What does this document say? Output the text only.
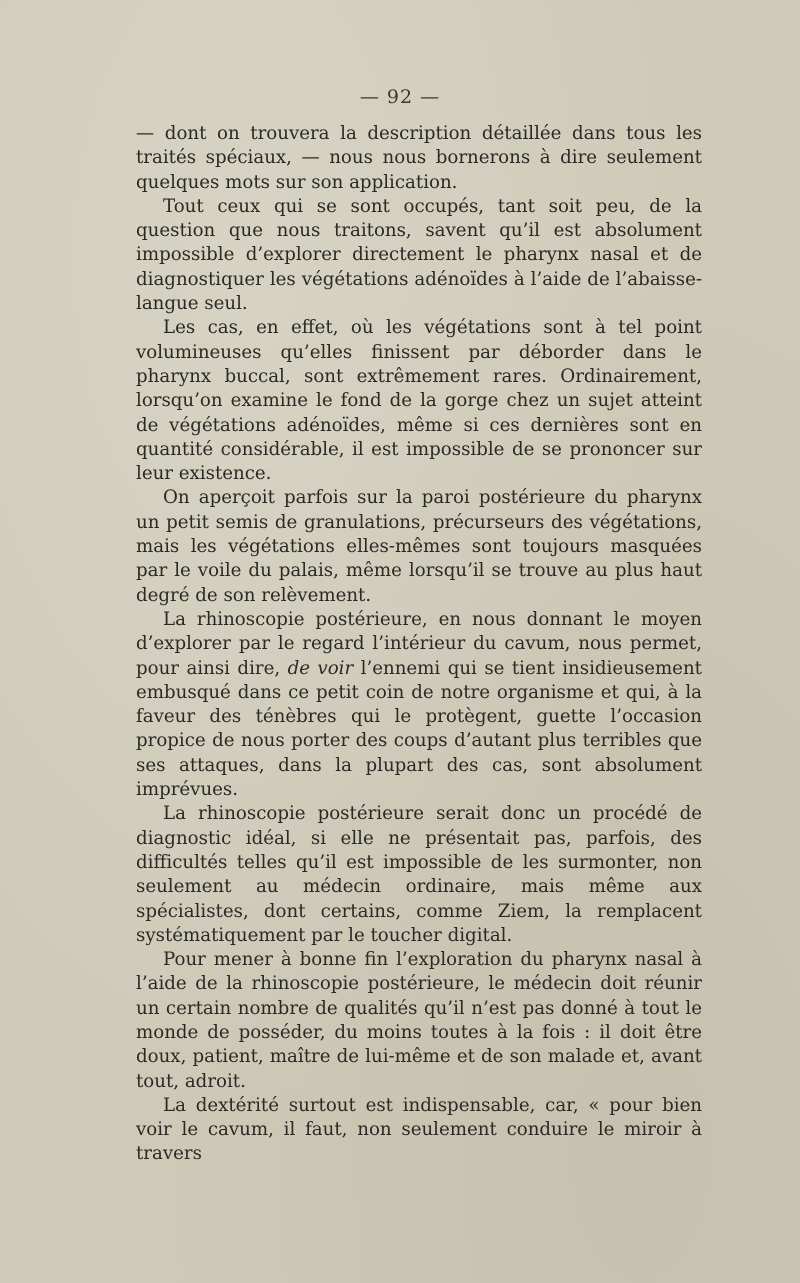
— 92 —

— dont on trouvera la description détaillée dans tous les traités spéciaux, — nous nous bornerons à dire seulement quelques mots sur son application.

Tout ceux qui se sont occupés, tant soit peu, de la question que nous traitons, savent qu’il est absolument impossible d’explorer directement le pharynx nasal et de diagnostiquer les végétations adénoïdes à l’aide de l’abaisse-langue seul.

Les cas, en effet, où les végétations sont à tel point volumineuses qu’elles finissent par déborder dans le pharynx buccal, sont extrêmement rares. Ordinairement, lorsqu’on examine le fond de la gorge chez un sujet atteint de végétations adénoïdes, même si ces dernières sont en quantité considérable, il est impossible de se prononcer sur leur existence.

On aperçoit parfois sur la paroi postérieure du pharynx un petit semis de granulations, précurseurs des végétations, mais les végétations elles-mêmes sont toujours masquées par le voile du palais, même lorsqu’il se trouve au plus haut degré de son relèvement.

La rhinoscopie postérieure, en nous donnant le moyen d’explorer par le regard l’intérieur du cavum, nous permet, pour ainsi dire, de voir l’ennemi qui se tient insidieusement embusqué dans ce petit coin de notre organisme et qui, à la faveur des ténèbres qui le protègent, guette l’occasion propice de nous porter des coups d’autant plus terribles que ses attaques, dans la plupart des cas, sont absolument imprévues.

La rhinoscopie postérieure serait donc un procédé de diagnostic idéal, si elle ne présentait pas, parfois, des difficultés telles qu’il est impossible de les surmonter, non seulement au médecin ordinaire, mais même aux spécialistes, dont certains, comme Ziem, la remplacent systématiquement par le toucher digital.

Pour mener à bonne fin l’exploration du pharynx nasal à l’aide de la rhinoscopie postérieure, le médecin doit réunir un certain nombre de qualités qu’il n’est pas donné à tout le monde de posséder, du moins toutes à la fois : il doit être doux, patient, maître de lui-même et de son malade et, avant tout, adroit.

La dextérité surtout est indispensable, car, « pour bien voir le cavum, il faut, non seulement conduire le miroir à travers
